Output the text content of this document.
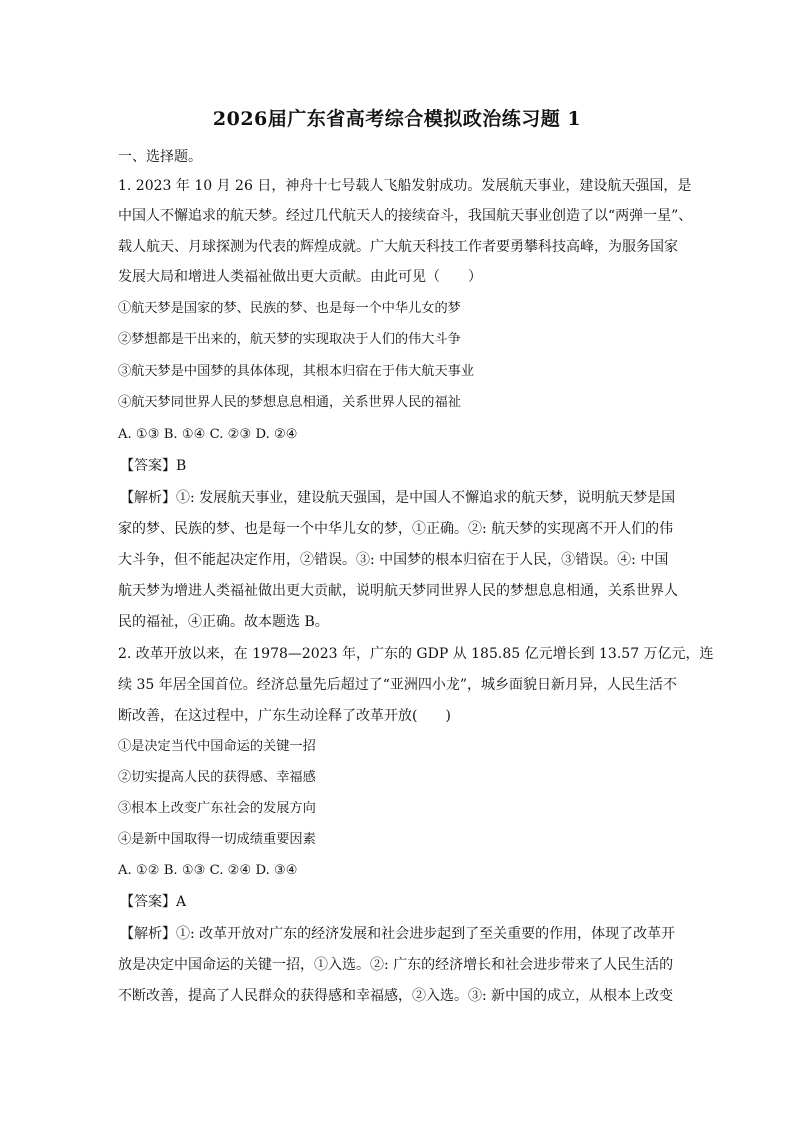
2026届广东省高考综合模拟政治练习题 1
一、选择题。
1. 2023 年 10 月 26 日，神舟十七号载人飞船发射成功。发展航天事业，建设航天强国，是
中国人不懈追求的航天梦。经过几代航天人的接续奋斗，我国航天事业创造了以“两弹一星”、
载人航天、月球探测为代表的辉煌成就。广大航天科技工作者要勇攀科技高峰，为服务国家
发展大局和增进人类福祉做出更大贡献。由此可见（　　）
①航天梦是国家的梦、民族的梦、也是每一个中华儿女的梦
②梦想都是干出来的，航天梦的实现取决于人们的伟大斗争
③航天梦是中国梦的具体体现，其根本归宿在于伟大航天事业
④航天梦同世界人民的梦想息息相通，关系世界人民的福祉
A. ①③ B. ①④ C. ②③ D. ②④
【答案】B
【解析】①: 发展航天事业，建设航天强国，是中国人不懈追求的航天梦，说明航天梦是国
家的梦、民族的梦、也是每一个中华儿女的梦，①正确。②: 航天梦的实现离不开人们的伟
大斗争，但不能起决定作用，②错误。③: 中国梦的根本归宿在于人民，③错误。④: 中国
航天梦为增进人类福祉做出更大贡献，说明航天梦同世界人民的梦想息息相通，关系世界人
民的福祉，④正确。故本题选 B。
2. 改革开放以来，在 1978—2023 年，广东的 GDP 从 185.85 亿元增长到 13.57 万亿元，连
续 35 年居全国首位。经济总量先后超过了“亚洲四小龙”，城乡面貌日新月异，人民生活不
断改善，在这过程中，广东生动诠释了改革开放(　　)
①是决定当代中国命运的关键一招
②切实提高人民的获得感、幸福感
③根本上改变广东社会的发展方向
④是新中国取得一切成绩重要因素
A. ①② B. ①③ C. ②④ D. ③④
【答案】A
【解析】①: 改革开放对广东的经济发展和社会进步起到了至关重要的作用，体现了改革开
放是决定中国命运的关键一招，①入选。②: 广东的经济增长和社会进步带来了人民生活的
不断改善，提高了人民群众的获得感和幸福感，②入选。③: 新中国的成立，从根本上改变
